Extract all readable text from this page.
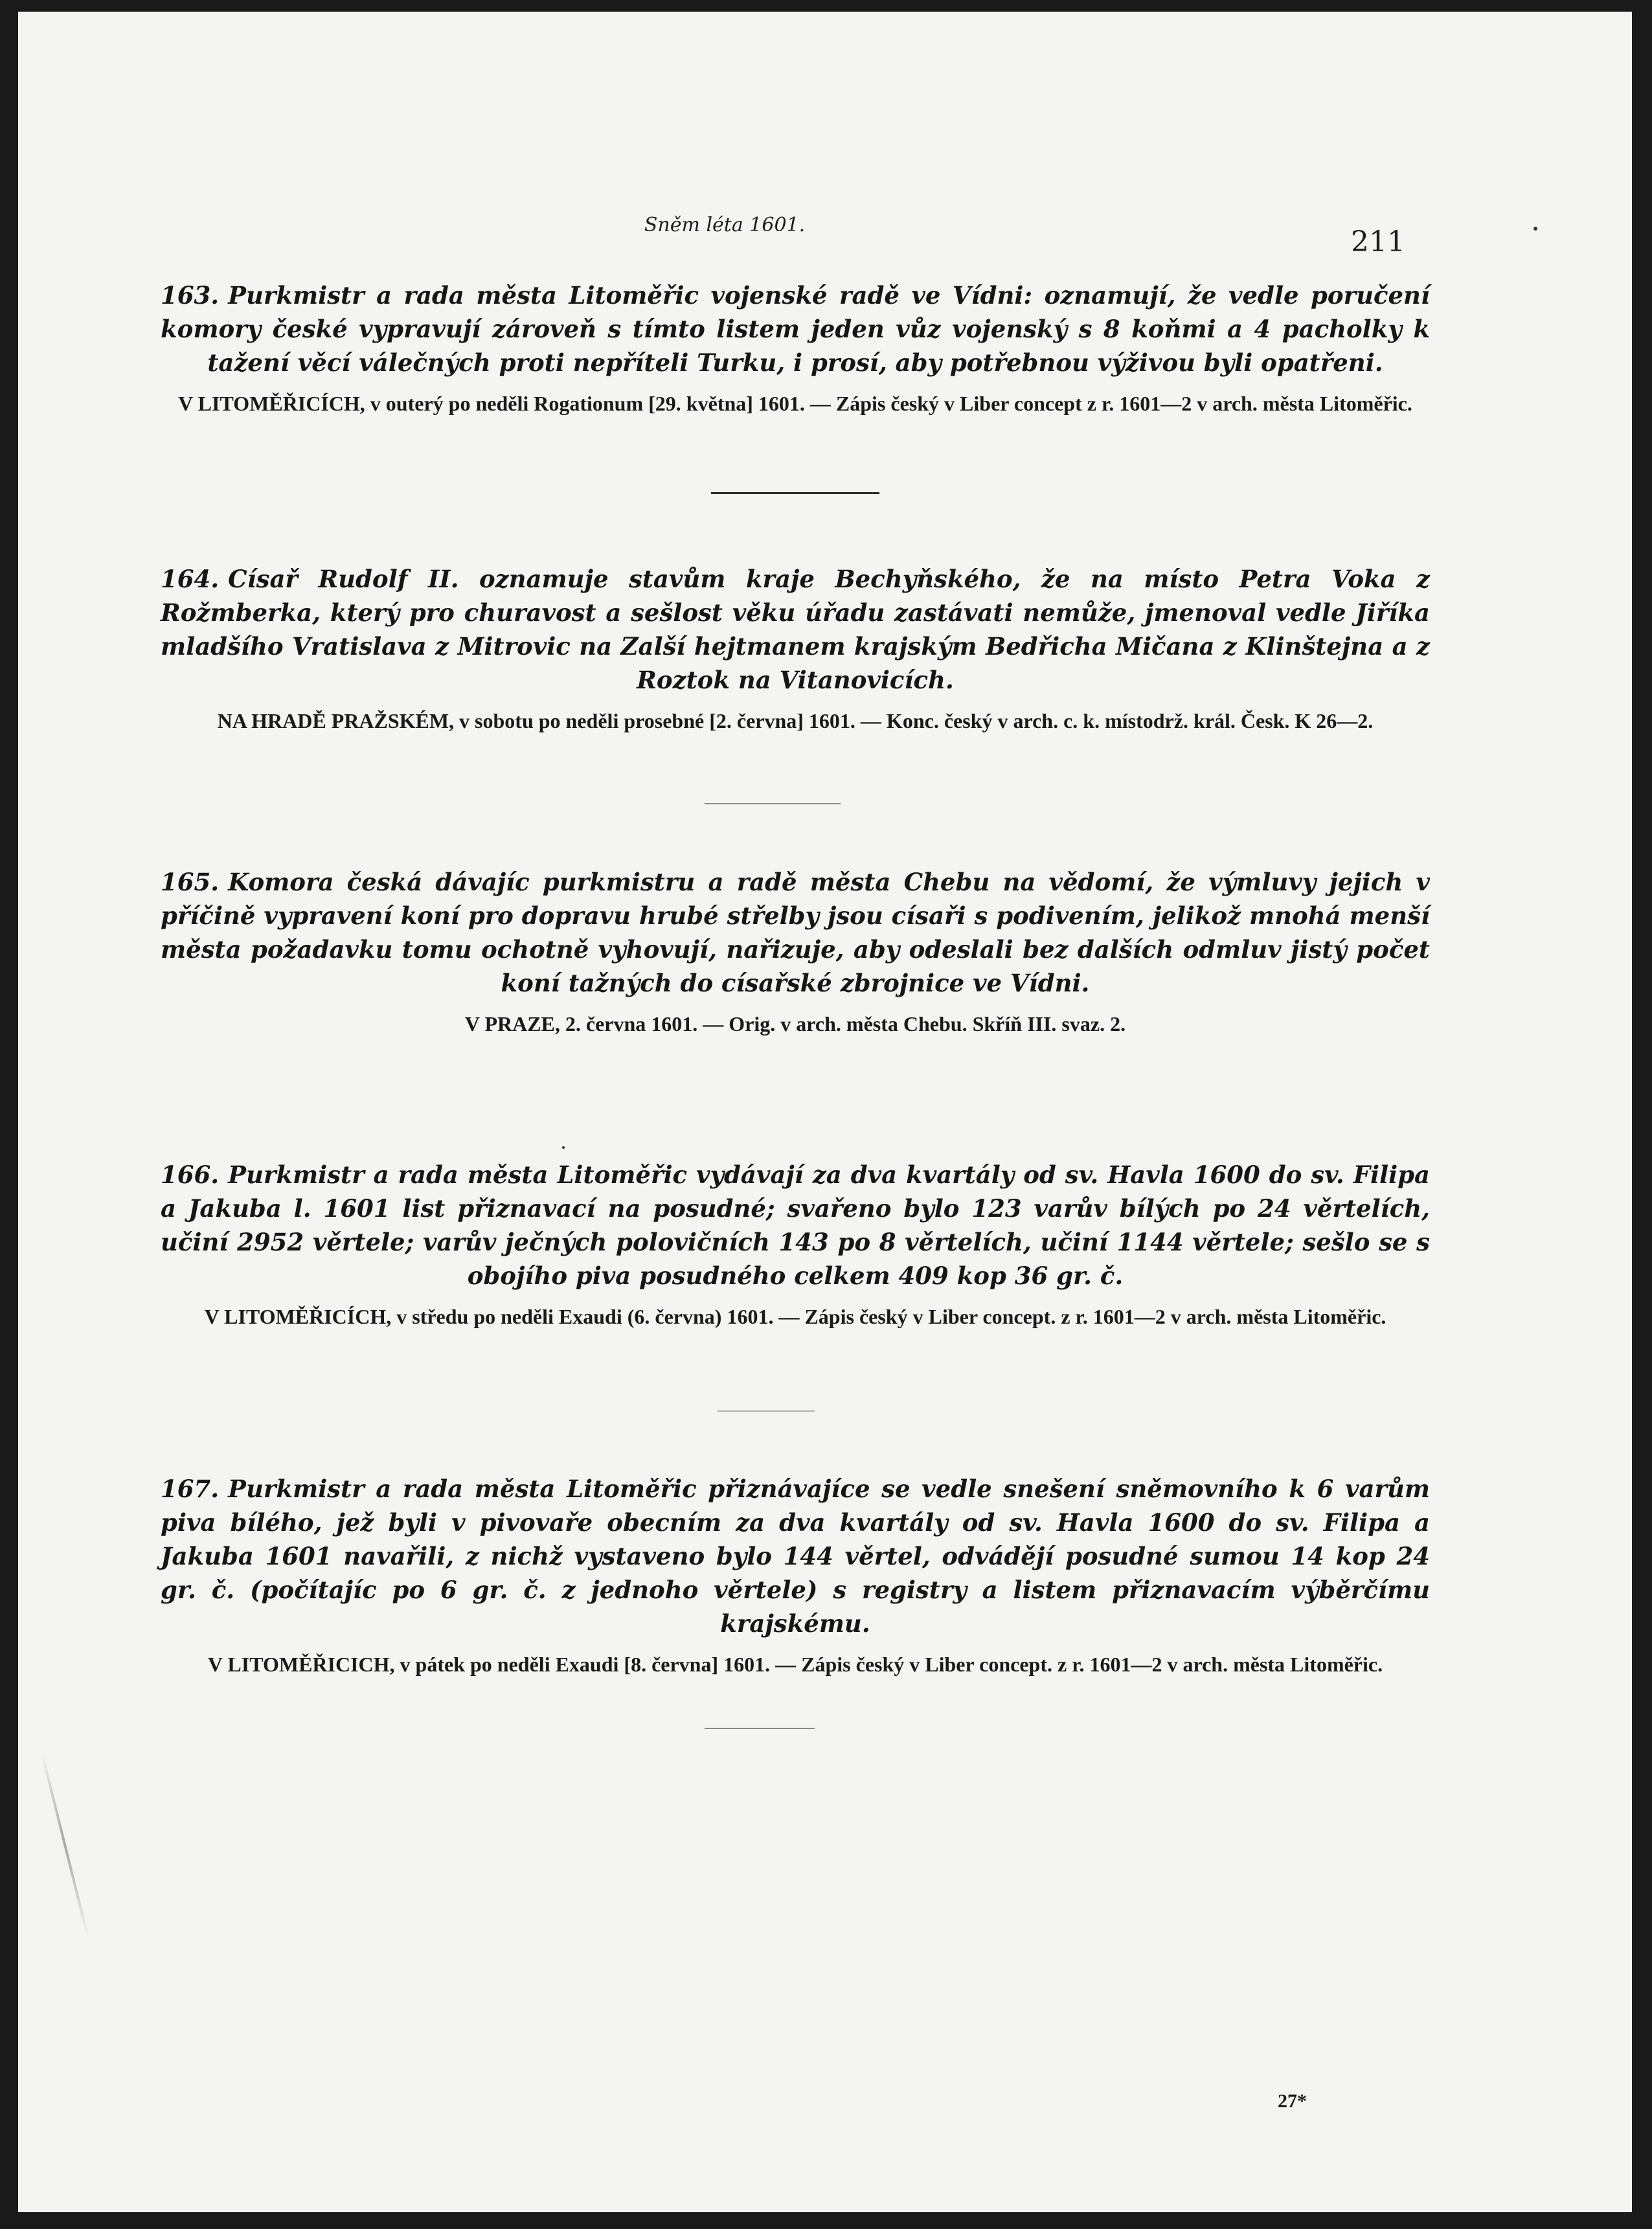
Sněm léta 1601.
211
163. Purkmistr a rada města Litoměřic vojenské radě ve Vídni: oznamují, že vedle poručení komory české vypravují zároveň s tímto listem jeden vůz vojenský s 8 koňmi a 4 pacholky k tažení věcí válečných proti nepříteli Turku, i prosí, aby potřebnou výživou byli opatřeni.
V LITOMĚŘICÍCH, v outerý po neděli Rogationum [29. května] 1601. — Zápis český v Liber concept z r. 1601—2 v arch. města Litoměřic.
164. Císař Rudolf II. oznamuje stavům kraje Bechyňského, že na místo Petra Voka z Rožmberka, který pro churavost a sešlost věku úřadu zastávati nemůže, jmenoval vedle Jiříka mladšího Vratislava z Mitrovic na Zalší hejtmanem krajským Bedřicha Mičana z Klinštejna a z Roztok na Vitanovicích.
NA HRADĚ PRAŽSKÉM, v sobotu po neděli prosebné [2. června] 1601. — Konc. český v arch. c. k. místodrž. král. Česk. K 26—2.
165. Komora česká dávajíc purkmistru a radě města Chebu na vědomí, že výmluvy jejich v příčině vypravení koní pro dopravu hrubé střelby jsou císaři s podivením, jelikož mnohá menší města požadavku tomu ochotně vyhovují, nařizuje, aby odeslali bez dalších odmluv jistý počet koní tažných do císařské zbrojnice ve Vídni.
V PRAZE, 2. června 1601. — Orig. v arch. města Chebu. Skříň III. svaz. 2.
166. Purkmistr a rada města Litoměřic vydávají za dva kvartály od sv. Havla 1600 do sv. Filipa a Jakuba l. 1601 list přiznavací na posudné; svařeno bylo 123 varův bílých po 24 věrtelích, učiní 2952 věrtele; varův ječných polovičních 143 po 8 věrtelích, učiní 1144 věrtele; sešlo se s obojího piva posudného celkem 409 kop 36 gr. č.
V LITOMĚŘICÍCH, v středu po neděli Exaudi (6. června) 1601. — Zápis český v Liber concept. z r. 1601—2 v arch. města Litoměřic.
167. Purkmistr a rada města Litoměřic přiznávajíce se vedle snešení sněmovního k 6 varům piva bílého, jež byli v pivovaře obecním za dva kvartály od sv. Havla 1600 do sv. Filipa a Jakuba 1601 navařili, z nichž vystaveno bylo 144 věrtel, odvádějí posudné sumou 14 kop 24 gr. č. (počítajíc po 6 gr. č. z jednoho věrtele) s registry a listem přiznavacím výběrčímu krajskému.
V LITOMĚŘICICH, v pátek po neděli Exaudi [8. června] 1601. — Zápis český v Liber concept. z r. 1601—2 v arch. města Litoměřic.
27*
